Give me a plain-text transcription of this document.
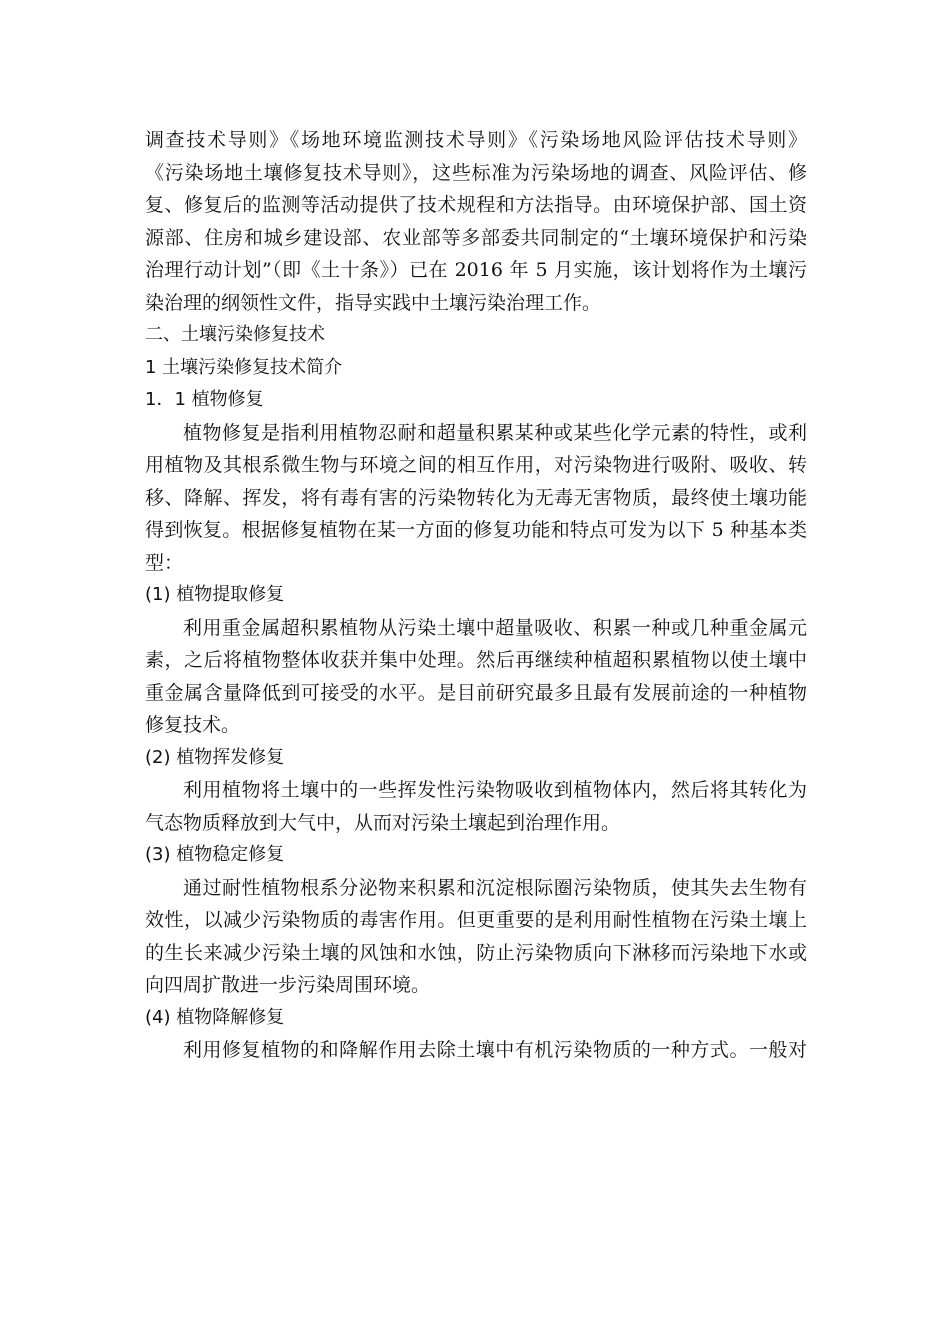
调查技术导则》《场地环境监测技术导则》《污染场地风险评估技术导则》
《污染场地土壤修复技术导则》，这些标准为污染场地的调查、风险评估、修
复、修复后的监测等活动提供了技术规程和方法指导。由环境保护部、国土资
源部、住房和城乡建设部、农业部等多部委共同制定的“土壤环境保护和污染
治理行动计划”（即《土十条》）已在 2016 年 5 月实施，该计划将作为土壤污
染治理的纲领性文件，指导实践中土壤污染治理工作。
二、土壤污染修复技术
1 土壤污染修复技术简介
1．1 植物修复
植物修复是指利用植物忍耐和超量积累某种或某些化学元素的特性，或利
用植物及其根系微生物与环境之间的相互作用，对污染物进行吸附、吸收、转
移、降解、挥发，将有毒有害的污染物转化为无毒无害物质，最终使土壤功能
得到恢复。根据修复植物在某一方面的修复功能和特点可发为以下 5 种基本类
型：
(1) 植物提取修复
利用重金属超积累植物从污染土壤中超量吸收、积累一种或几种重金属元
素，之后将植物整体收获并集中处理。然后再继续种植超积累植物以使土壤中
重金属含量降低到可接受的水平。是目前研究最多且最有发展前途的一种植物
修复技术。
(2) 植物挥发修复
利用植物将土壤中的一些挥发性污染物吸收到植物体内，然后将其转化为
气态物质释放到大气中，从而对污染土壤起到治理作用。
(3) 植物稳定修复
通过耐性植物根系分泌物来积累和沉淀根际圈污染物质，使其失去生物有
效性，以减少污染物质的毒害作用。但更重要的是利用耐性植物在污染土壤上
的生长来减少污染土壤的风蚀和水蚀，防止污染物质向下淋移而污染地下水或
向四周扩散进一步污染周围环境。
(4) 植物降解修复
利用修复植物的和降解作用去除土壤中有机污染物质的一种方式。一般对
